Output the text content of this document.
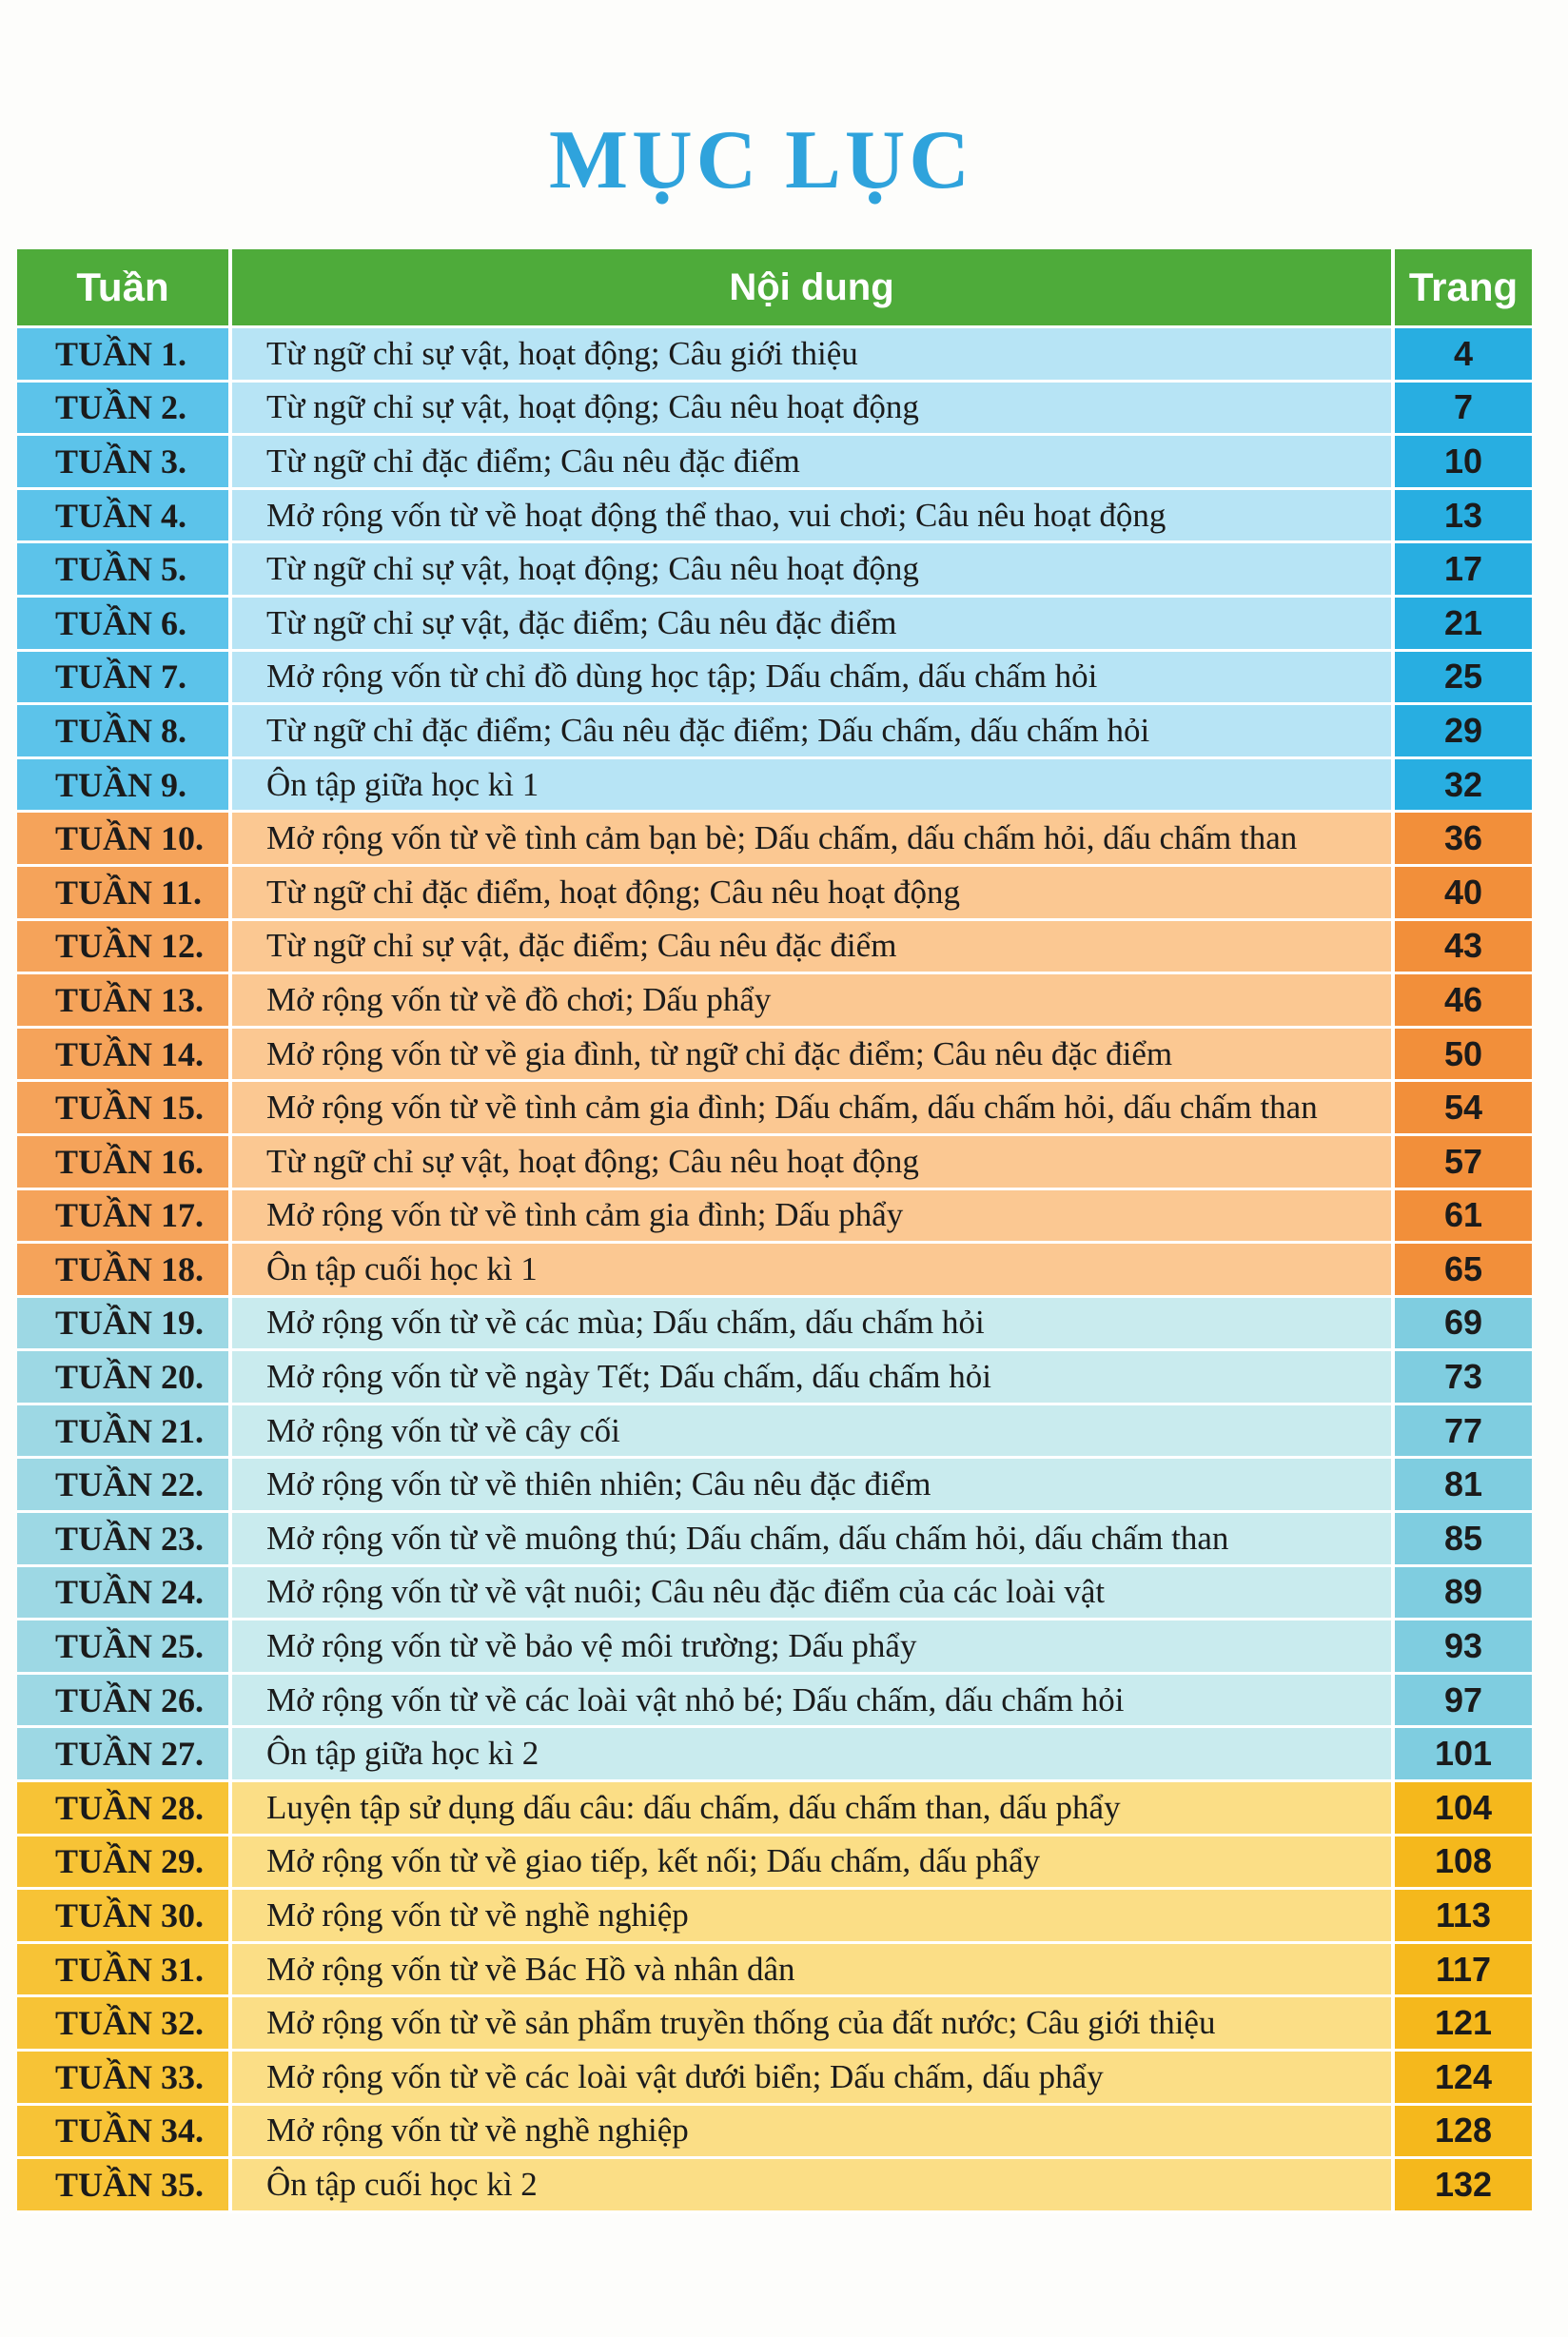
MỤC LỤC
Tuần	Nội dung	Trang
TUẦN 1.	Từ ngữ chỉ sự vật, hoạt động; Câu giới thiệu	4
TUẦN 2.	Từ ngữ chỉ sự vật, hoạt động; Câu nêu hoạt động	7
TUẦN 3.	Từ ngữ chỉ đặc điểm; Câu nêu đặc điểm	10
TUẦN 4.	Mở rộng vốn từ về hoạt động thể thao, vui chơi; Câu nêu hoạt động	13
TUẦN 5.	Từ ngữ chỉ sự vật, hoạt động; Câu nêu hoạt động	17
TUẦN 6.	Từ ngữ chỉ sự vật, đặc điểm; Câu nêu đặc điểm	21
TUẦN 7.	Mở rộng vốn từ chỉ đồ dùng học tập; Dấu chấm, dấu chấm hỏi	25
TUẦN 8.	Từ ngữ chỉ đặc điểm; Câu nêu đặc điểm; Dấu chấm, dấu chấm hỏi	29
TUẦN 9.	Ôn tập giữa học kì 1	32
TUẦN 10.	Mở rộng vốn từ về tình cảm bạn bè; Dấu chấm, dấu chấm hỏi, dấu chấm than	36
TUẦN 11.	Từ ngữ chỉ đặc điểm, hoạt động; Câu nêu hoạt động	40
TUẦN 12.	Từ ngữ chỉ sự vật, đặc điểm; Câu nêu đặc điểm	43
TUẦN 13.	Mở rộng vốn từ về đồ chơi; Dấu phẩy	46
TUẦN 14.	Mở rộng vốn từ về gia đình, từ ngữ chỉ đặc điểm; Câu nêu đặc điểm	50
TUẦN 15.	Mở rộng vốn từ về tình cảm gia đình; Dấu chấm, dấu chấm hỏi, dấu chấm than	54
TUẦN 16.	Từ ngữ chỉ sự vật, hoạt động; Câu nêu hoạt động	57
TUẦN 17.	Mở rộng vốn từ về tình cảm gia đình; Dấu phẩy	61
TUẦN 18.	Ôn tập cuối học kì 1	65
TUẦN 19.	Mở rộng vốn từ về các mùa; Dấu chấm, dấu chấm hỏi	69
TUẦN 20.	Mở rộng vốn từ về ngày Tết; Dấu chấm, dấu chấm hỏi	73
TUẦN 21.	Mở rộng vốn từ về cây cối	77
TUẦN 22.	Mở rộng vốn từ về thiên nhiên; Câu nêu đặc điểm	81
TUẦN 23.	Mở rộng vốn từ về muông thú; Dấu chấm, dấu chấm hỏi, dấu chấm than	85
TUẦN 24.	Mở rộng vốn từ về vật nuôi; Câu nêu đặc điểm của các loài vật	89
TUẦN 25.	Mở rộng vốn từ về bảo vệ môi trường; Dấu phẩy	93
TUẦN 26.	Mở rộng vốn từ về các loài vật nhỏ bé; Dấu chấm, dấu chấm hỏi	97
TUẦN 27.	Ôn tập giữa học kì 2	101
TUẦN 28.	Luyện tập sử dụng dấu câu: dấu chấm, dấu chấm than, dấu phẩy	104
TUẦN 29.	Mở rộng vốn từ về giao tiếp, kết nối; Dấu chấm, dấu phẩy	108
TUẦN 30.	Mở rộng vốn từ về nghề nghiệp	113
TUẦN 31.	Mở rộng vốn từ về Bác Hồ và nhân dân	117
TUẦN 32.	Mở rộng vốn từ về sản phẩm truyền thống của đất nước; Câu giới thiệu	121
TUẦN 33.	Mở rộng vốn từ về các loài vật dưới biển; Dấu chấm, dấu phẩy	124
TUẦN 34.	Mở rộng vốn từ về nghề nghiệp	128
TUẦN 35.	Ôn tập cuối học kì 2	132
